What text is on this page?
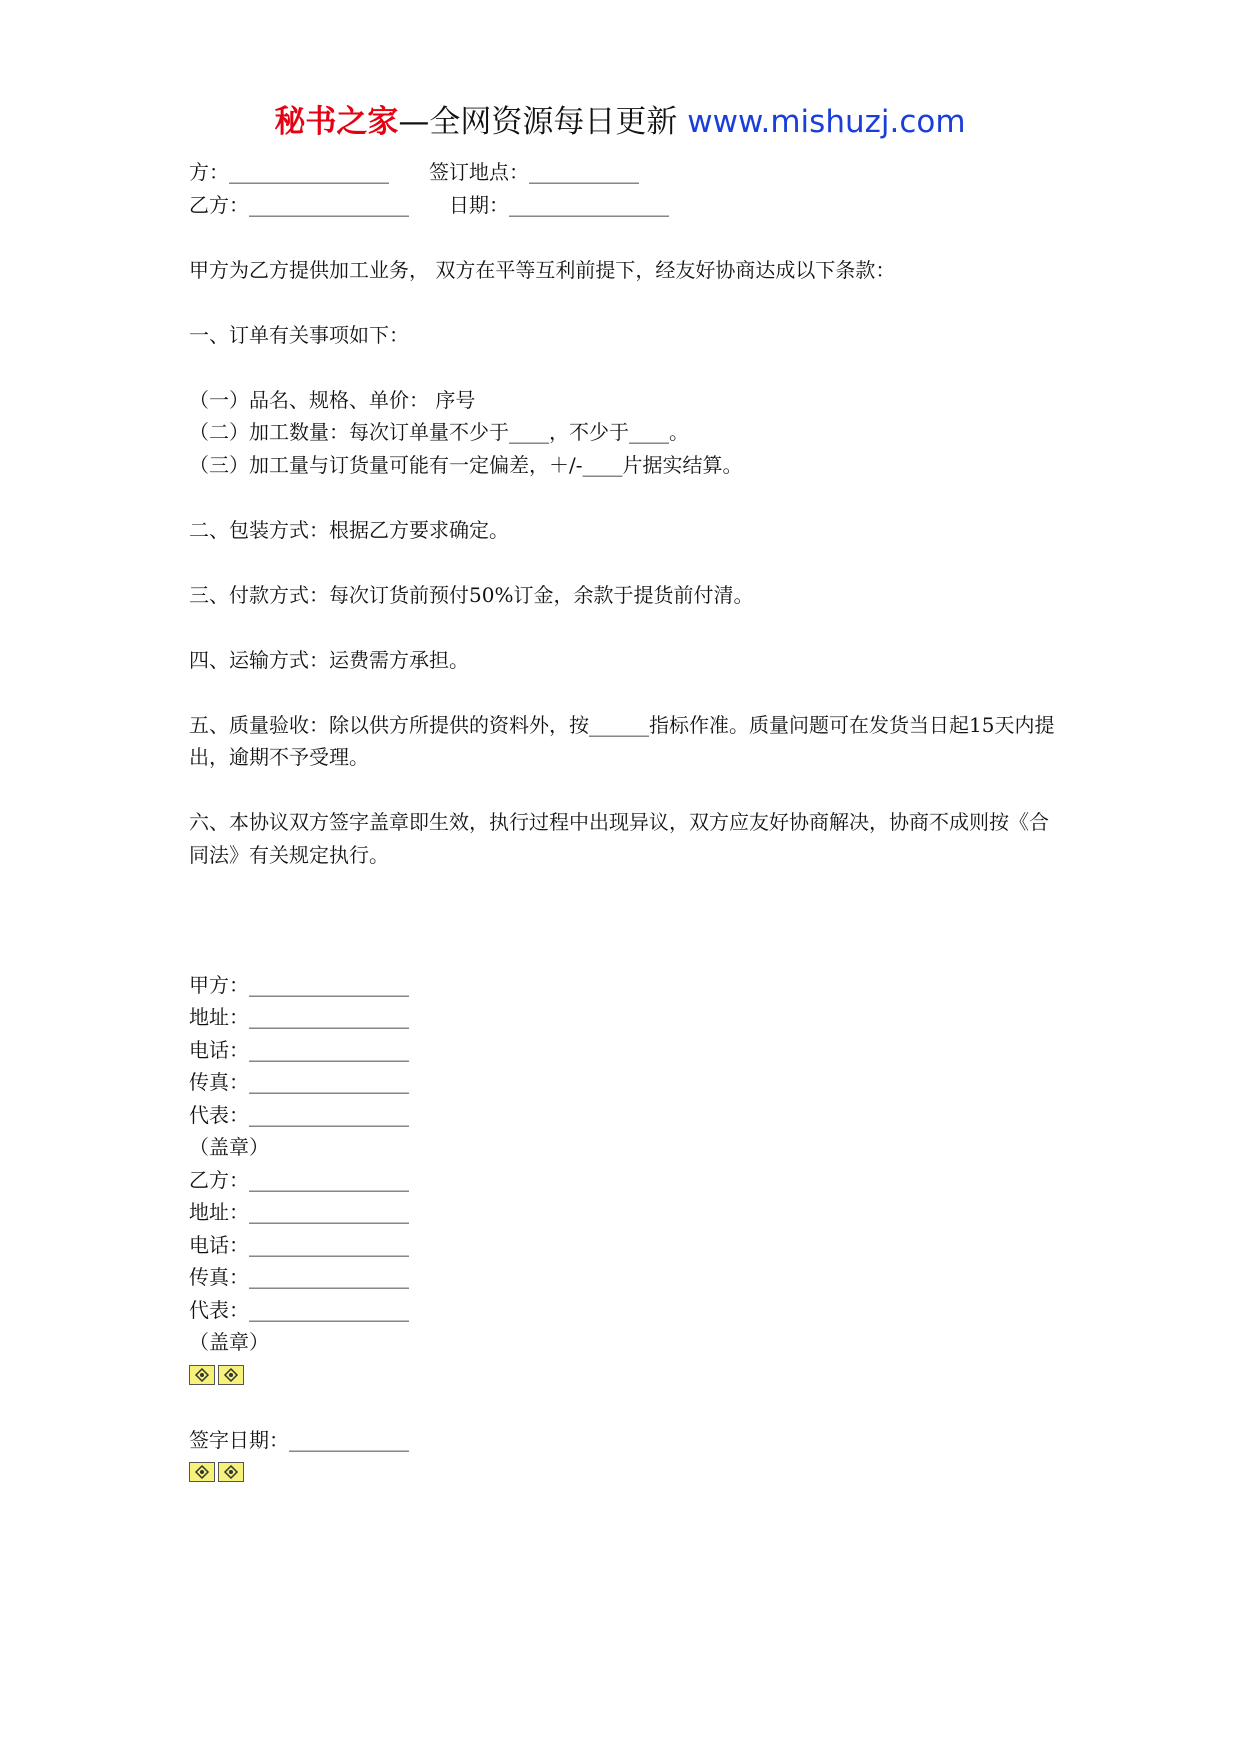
秘书之家—全网资源每日更新 www.mishuzj.com
方：________________ 签订地点：___________
乙方：________________ 日期：________________
甲方为乙方提供加工业务， 双方在平等互利前提下，经友好协商达成以下条款：
一、订单有关事项如下：
（一）品名、规格、单价： 序号
（二）加工数量：每次订单量不少于____，不少于____。
（三）加工量与订货量可能有一定偏差，＋/-____片据实结算。
二、包装方式：根据乙方要求确定。
三、付款方式：每次订货前预付50%订金，余款于提货前付清。
四、运输方式：运费需方承担。
五、质量验收：除以供方所提供的资料外，按______指标作准。质量问题可在发货当日起15天内提出，逾期不予受理。
六、本协议双方签字盖章即生效，执行过程中出现异议，双方应友好协商解决，协商不成则按《合同法》有关规定执行。
甲方：________________
地址：________________
电话：________________
传真：________________
代表：________________
（盖章）
乙方：________________
地址：________________
电话：________________
传真：________________
代表：________________
（盖章）
签字日期：____________
